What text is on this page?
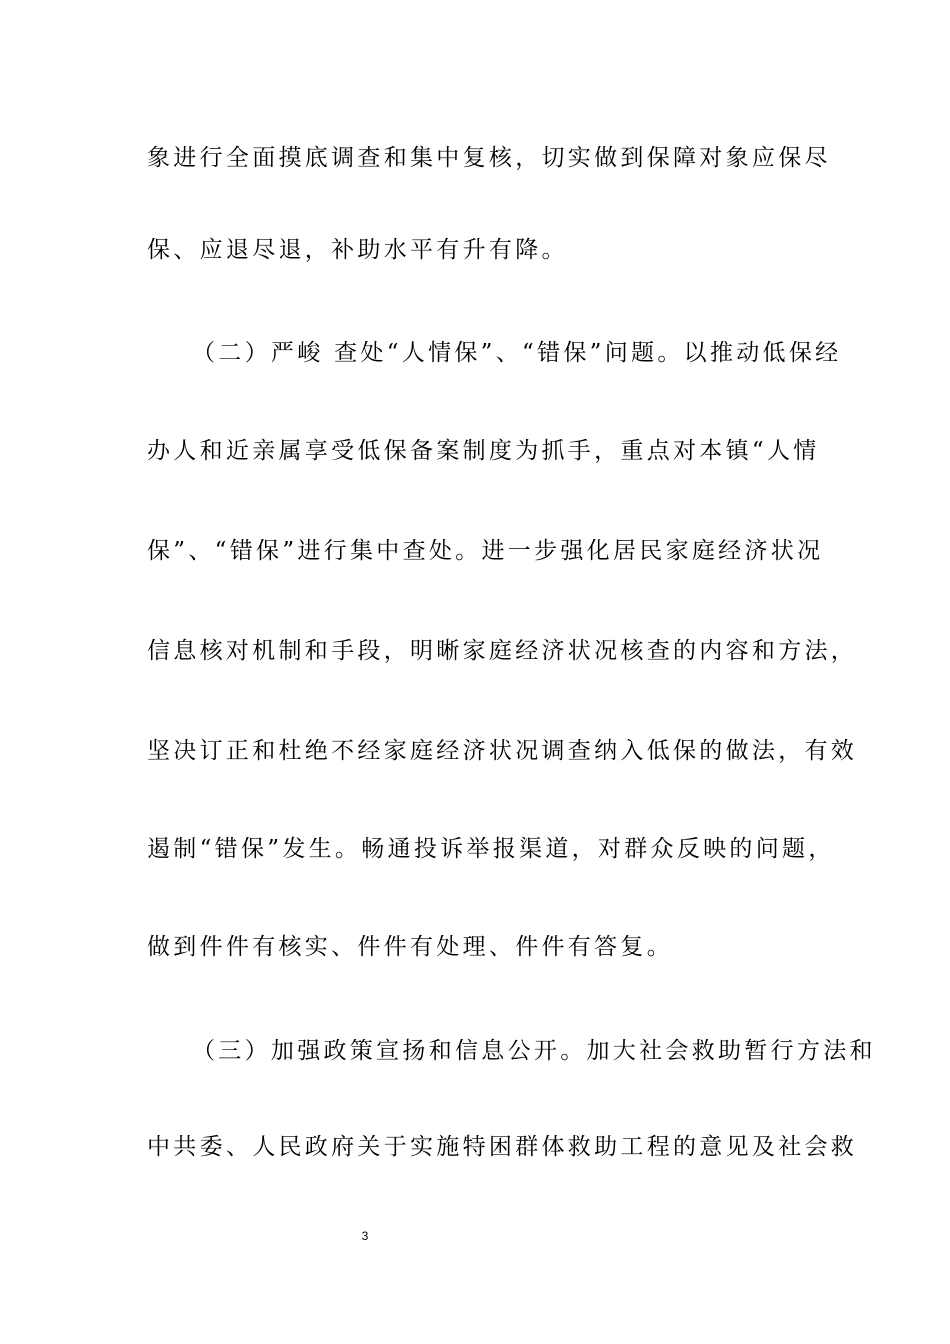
象进行全面摸底调查和集中复核，切实做到保障对象应保尽
保、应退尽退，补助水平有升有降。
（二）严峻 查处“人情保”、“错保”问题。以推动低保经
办人和近亲属享受低保备案制度为抓手，重点对本镇“人情
保”、“错保”进行集中查处。进一步强化居民家庭经济状况
信息核对机制和手段，明晰家庭经济状况核查的内容和方法，
坚决订正和杜绝不经家庭经济状况调查纳入低保的做法，有效
遏制“错保”发生。畅通投诉举报渠道，对群众反映的问题，
做到件件有核实、件件有处理、件件有答复。
（三）加强政策宣扬和信息公开。加大社会救助暂行方法和
中共委、人民政府关于实施特困群体救助工程的意见及社会救
3
